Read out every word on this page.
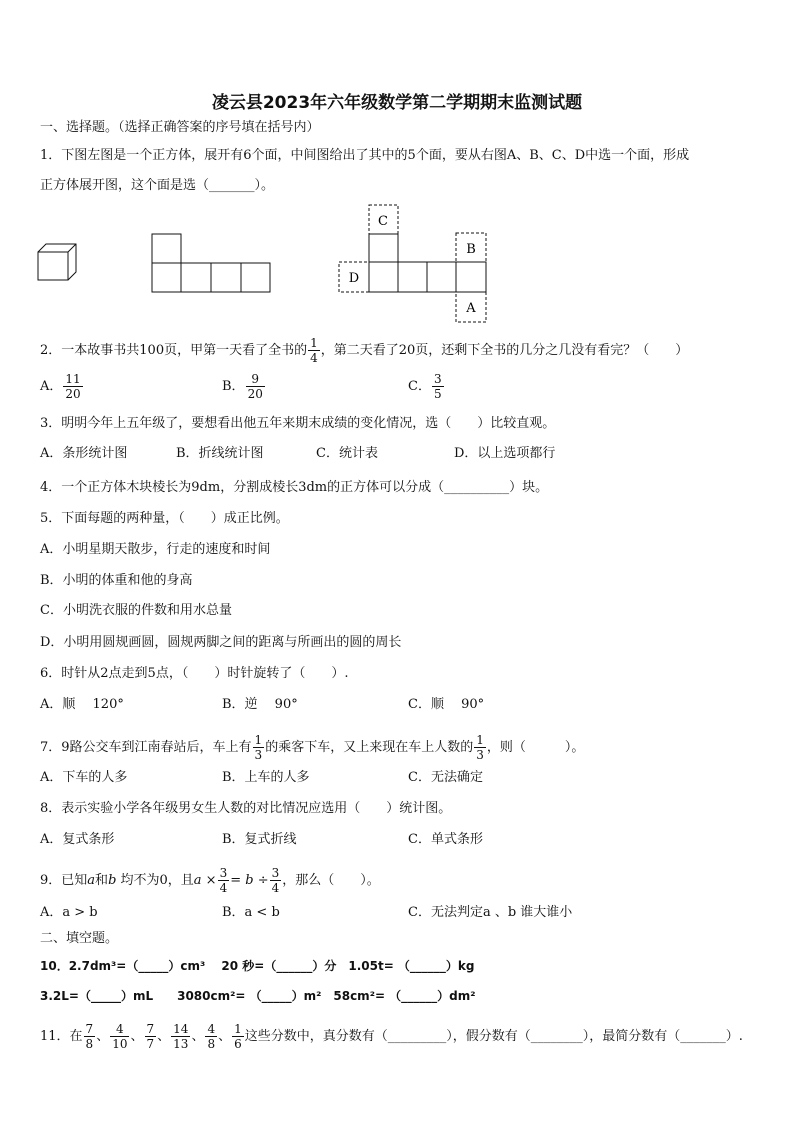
凌云县2023年六年级数学第二学期期末监测试题
一、选择题。（选择正确答案的序号填在括号内）
1．下图左图是一个正方体，展开有6个面，中间图给出了其中的5个面，要从右图A、B、C、D中选一个面，形成
正方体展开图，这个面是选（_______）。
C
B
D
A
2．一本故事书共100页，甲第一天看了全书的 $\frac{1}{4}$ ，第二天看了20页，还剩下全书的几分之几没有看完？（　　）
A． $\frac{11}{20}$	B． $\frac{9}{20}$	C． $\frac{3}{5}$
3．明明今年上五年级了，要想看出他五年来期末成绩的变化情况，选（　　）比较直观。
A．条形统计图	B．折线统计图	C．统计表	D．以上选项都行
4．一个正方体木块棱长为9dm，分割成棱长3dm的正方体可以分成（__________）块。
5．下面每题的两种量，（　　）成正比例。
A．小明星期天散步，行走的速度和时间
B．小明的体重和他的身高
C．小明洗衣服的件数和用水总量
D．小明用圆规画圆，圆规两脚之间的距离与所画出的圆的周长
6．时针从2点走到5点，（　　）时针旋转了（　　）.
A．顺　 120°	B．逆　 90°	C．顺　 90°
7．9路公交车到江南春站后，车上有 $\frac{1}{3}$ 的乘客下车，又上来现在车上人数的 $\frac{1}{3}$ ，则（　　　）。
A．下车的人多	B．上车的人多	C．无法确定
8．表示实验小学各年级男女生人数的对比情况应选用（　　）统计图。
A．复式条形	B．复式折线	C．单式条形
9．已知a和b 均不为0，且$a \times \frac{3}{4} = b \div \frac{3}{4}$ ，那么（　　）。
A．a > b	B．a < b	C．无法判定a 、b 谁大谁小
二、填空题。
10．2.7dm³=（_____）cm³　 20 秒=（______）分　1.05t= （______）kg
3.2L=（_____）mL　　3080cm²= （_____）m²　58cm²= （______）dm²
11．在 $\frac{7}{8}$ 、 $\frac{4}{10}$ 、 $\frac{7}{7}$ 、 $\frac{14}{13}$ 、 $\frac{4}{8}$ 、 $\frac{1}{6}$ 这些分数中，真分数有（_________），假分数有（________），最简分数有（_______）.
